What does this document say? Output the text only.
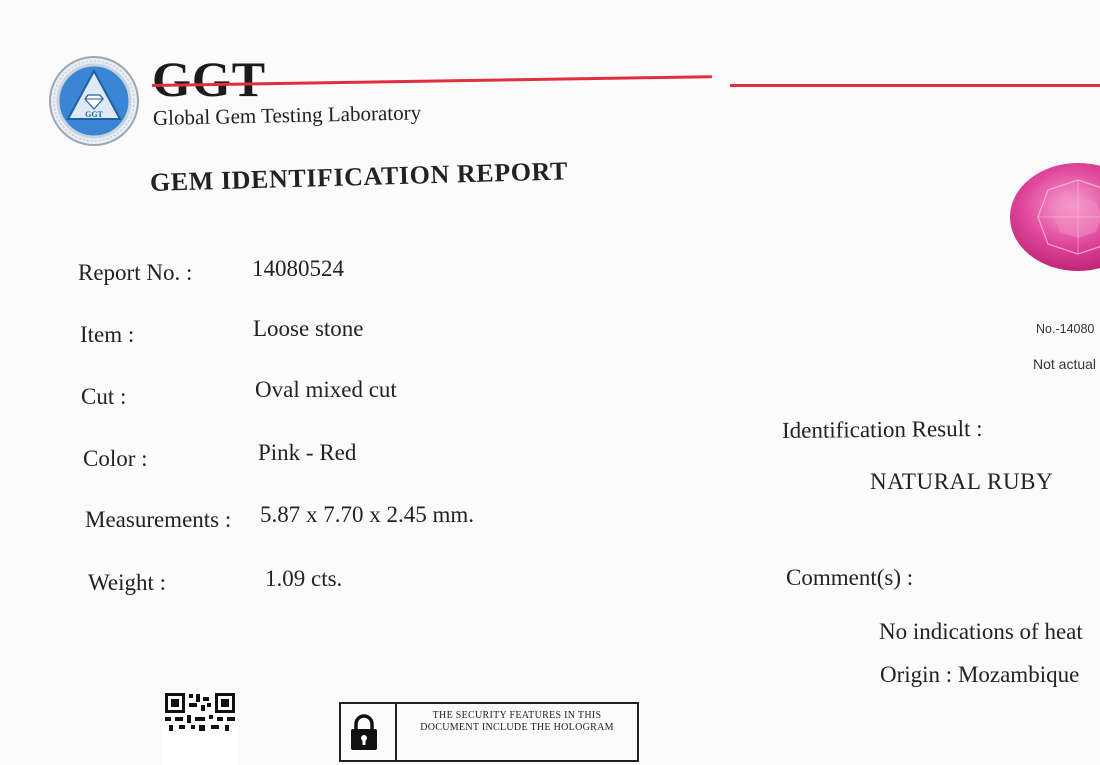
GGT
GGT
Global Gem Testing Laboratory
GEM IDENTIFICATION REPORT
Report No. :	14080524
Item :	Loose stone
Cut :	Oval mixed cut
Color :	Pink - Red
Measurements : 5.87 x 7.70 x 2.45 mm.
Weight :	1.09 cts.
No.-14080
Not actual
Identification Result :
NATURAL RUBY
Comment(s) :
No indications of heat
Origin : Mozambique
THE SECURITY FEATURES IN THIS DOCUMENT INCLUDE THE HOLOGRAM
